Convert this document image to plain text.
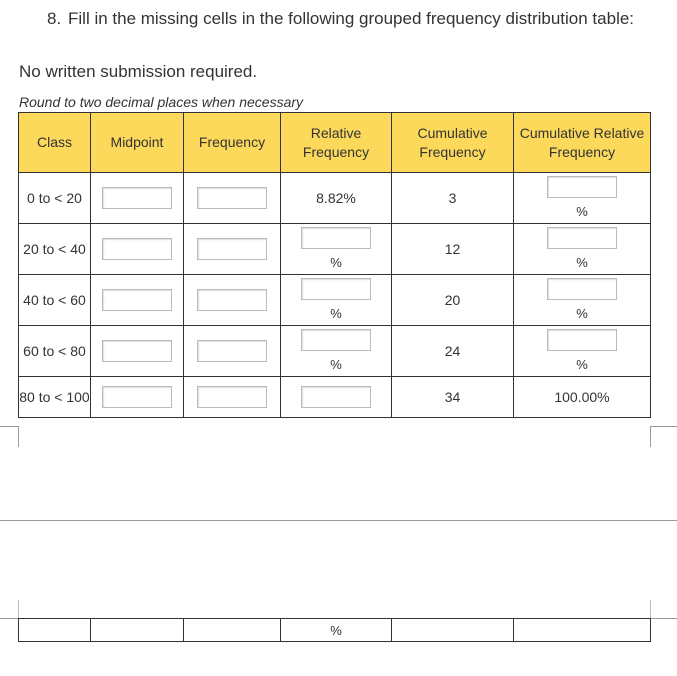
8. Fill in the missing cells in the following grouped frequency distribution table:
No written submission required.
Round to two decimal places when necessary
Class	Midpoint	Frequency	Relative Frequency	Cumulative Frequency	Cumulative Relative Frequency
0 to < 20			8.82%	3	%

20 to < 40			%	12	%

40 to < 60			%	20	%

60 to < 80			%	24	%

80 to < 100				34	100.00%
			%		
